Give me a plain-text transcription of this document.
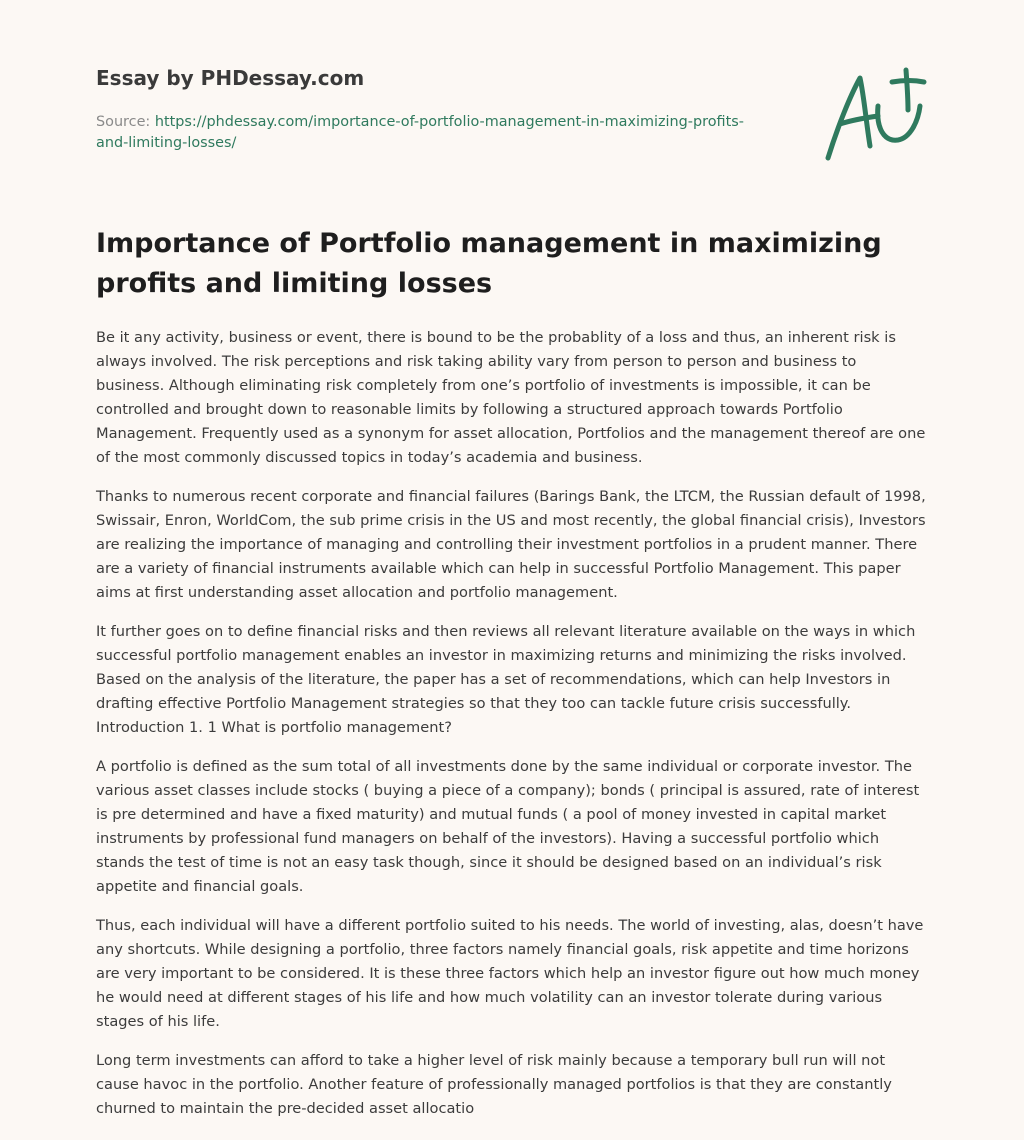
Essay by PHDessay.com
Source: https://phdessay.com/importance-of-portfolio-management-in-maximizing-profits-and-limiting-losses/
Importance of Portfolio management in maximizing profits and limiting losses

Be it any activity, business or event, there is bound to be the probablity of a loss and thus, an inherent risk is always involved. The risk perceptions and risk taking ability vary from person to person and business to business. Although eliminating risk completely from one’s portfolio of investments is impossible, it can be controlled and brought down to reasonable limits by following a structured approach towards Portfolio Management. Frequently used as a synonym for asset allocation, Portfolios and the management thereof are one of the most commonly discussed topics in today’s academia and business.

Thanks to numerous recent corporate and financial failures (Barings Bank, the LTCM, the Russian default of 1998, Swissair, Enron, WorldCom, the sub prime crisis in the US and most recently, the global financial crisis), Investors are realizing the importance of managing and controlling their investment portfolios in a prudent manner. There are a variety of financial instruments available which can help in successful Portfolio Management. This paper aims at first understanding asset allocation and portfolio management.

It further goes on to define financial risks and then reviews all relevant literature available on the ways in which successful portfolio management enables an investor in maximizing returns and minimizing the risks involved. Based on the analysis of the literature, the paper has a set of recommendations, which can help Investors in drafting effective Portfolio Management strategies so that they too can tackle future crisis successfully. Introduction 1. 1 What is portfolio management?

A portfolio is defined as the sum total of all investments done by the same individual or corporate investor. The various asset classes include stocks ( buying a piece of a company); bonds ( principal is assured, rate of interest is pre determined and have a fixed maturity) and mutual funds ( a pool of money invested in capital market instruments by professional fund managers on behalf of the investors). Having a successful portfolio which stands the test of time is not an easy task though, since it should be designed based on an individual’s risk appetite and financial goals.

Thus, each individual will have a different portfolio suited to his needs. The world of investing, alas, doesn’t have any shortcuts. While designing a portfolio, three factors namely financial goals, risk appetite and time horizons are very important to be considered. It is these three factors which help an investor figure out how much money he would need at different stages of his life and how much volatility can an investor tolerate during various stages of his life.

Long term investments can afford to take a higher level of risk mainly because a temporary bull run will not cause havoc in the portfolio. Another feature of professionally managed portfolios is that they are constantly churned to maintain the pre-decided asset allocatio
